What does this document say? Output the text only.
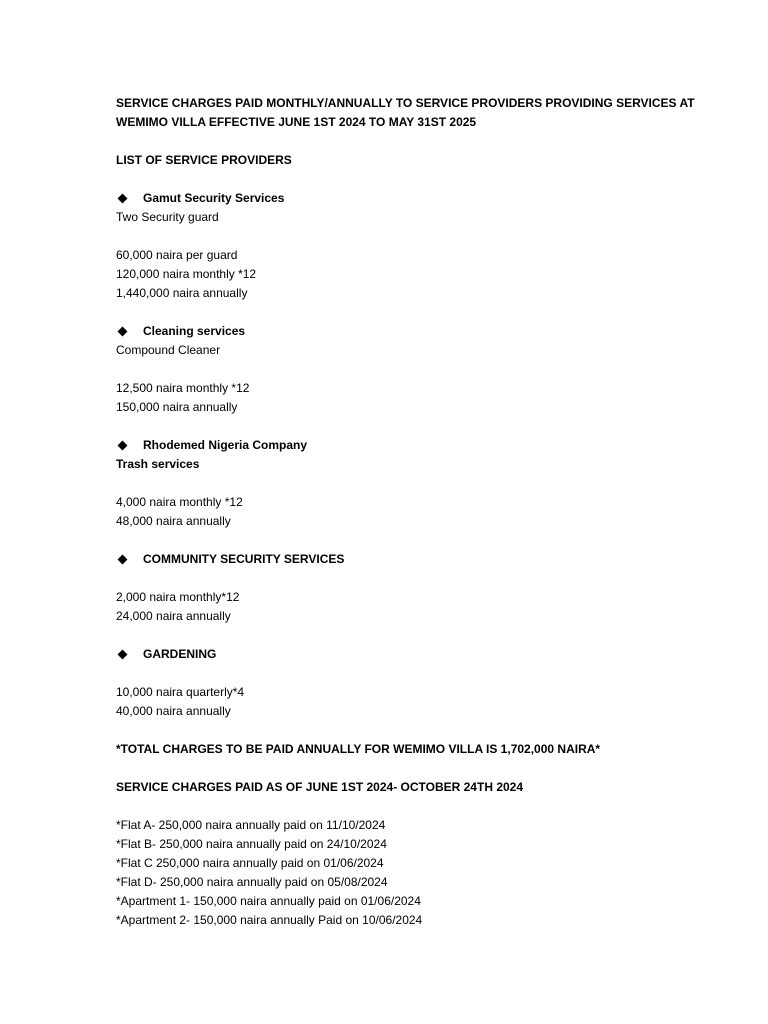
SERVICE CHARGES PAID MONTHLY/ANNUALLY TO SERVICE PROVIDERS PROVIDING SERVICES AT WEMIMO VILLA EFFECTIVE JUNE 1ST 2024 TO MAY 31ST 2025
LIST OF SERVICE PROVIDERS
Gamut Security Services
Two Security guard
60,000 naira per guard
120,000 naira monthly *12
1,440,000 naira annually
Cleaning services
Compound Cleaner
12,500 naira monthly *12
150,000 naira annually
Rhodemed Nigeria Company
Trash services
4,000 naira monthly *12
48,000 naira annually
COMMUNITY SECURITY SERVICES
2,000 naira monthly*12
24,000 naira annually
GARDENING
10,000 naira quarterly*4
40,000 naira annually
*TOTAL CHARGES TO BE PAID ANNUALLY FOR WEMIMO VILLA IS 1,702,000 NAIRA*
SERVICE CHARGES PAID AS OF JUNE 1ST 2024- OCTOBER 24TH 2024
*Flat A- 250,000 naira annually paid on 11/10/2024
*Flat B- 250,000 naira annually paid on 24/10/2024
*Flat C 250,000 naira annually paid on 01/06/2024
*Flat D- 250,000 naira annually paid on 05/08/2024
*Apartment 1- 150,000 naira annually paid on 01/06/2024
*Apartment 2- 150,000 naira annually Paid on 10/06/2024
